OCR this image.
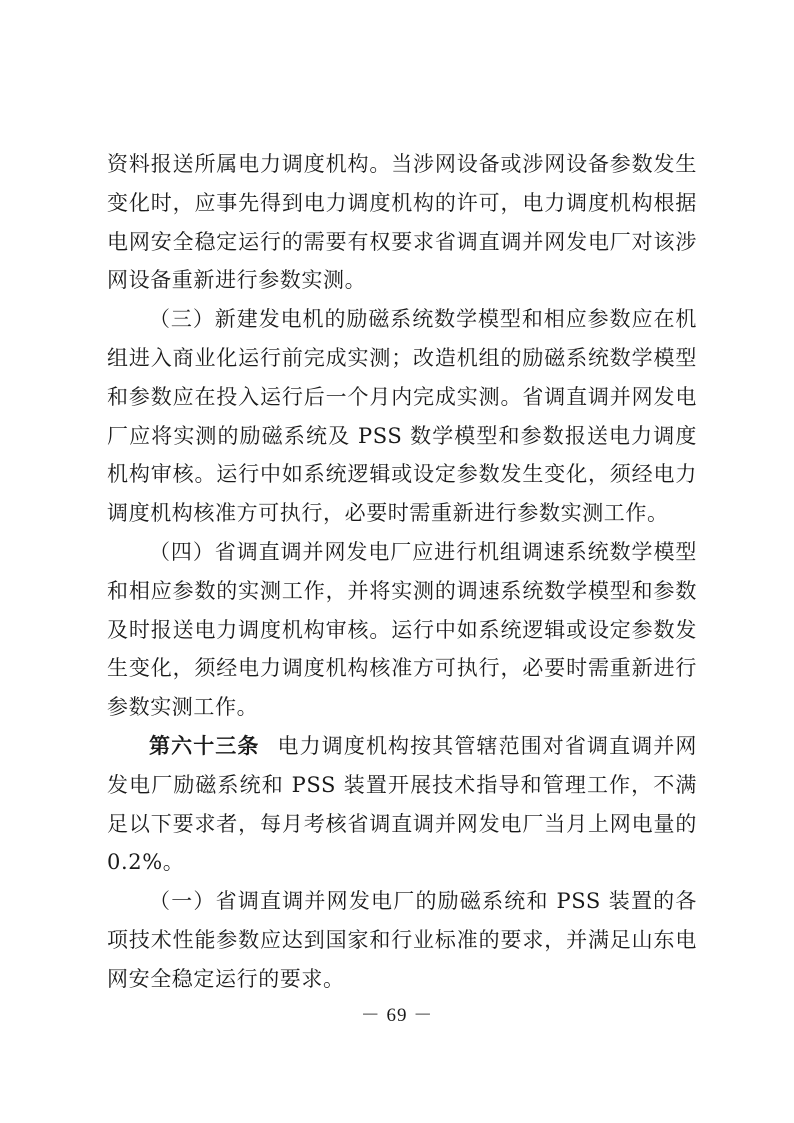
资料报送所属电力调度机构。当涉网设备或涉网设备参数发生变化时，应事先得到电力调度机构的许可，电力调度机构根据电网安全稳定运行的需要有权要求省调直调并网发电厂对该涉网设备重新进行参数实测。

（三）新建发电机的励磁系统数学模型和相应参数应在机组进入商业化运行前完成实测；改造机组的励磁系统数学模型和参数应在投入运行后一个月内完成实测。省调直调并网发电厂应将实测的励磁系统及 PSS 数学模型和参数报送电力调度机构审核。运行中如系统逻辑或设定参数发生变化，须经电力调度机构核准方可执行，必要时需重新进行参数实测工作。

（四）省调直调并网发电厂应进行机组调速系统数学模型和相应参数的实测工作，并将实测的调速系统数学模型和参数及时报送电力调度机构审核。运行中如系统逻辑或设定参数发生变化，须经电力调度机构核准方可执行，必要时需重新进行参数实测工作。

第六十三条 电力调度机构按其管辖范围对省调直调并网发电厂励磁系统和 PSS 装置开展技术指导和管理工作，不满足以下要求者，每月考核省调直调并网发电厂当月上网电量的 0.2%。

（一）省调直调并网发电厂的励磁系统和 PSS 装置的各项技术性能参数应达到国家和行业标准的要求，并满足山东电网安全稳定运行的要求。

－ 69 －
